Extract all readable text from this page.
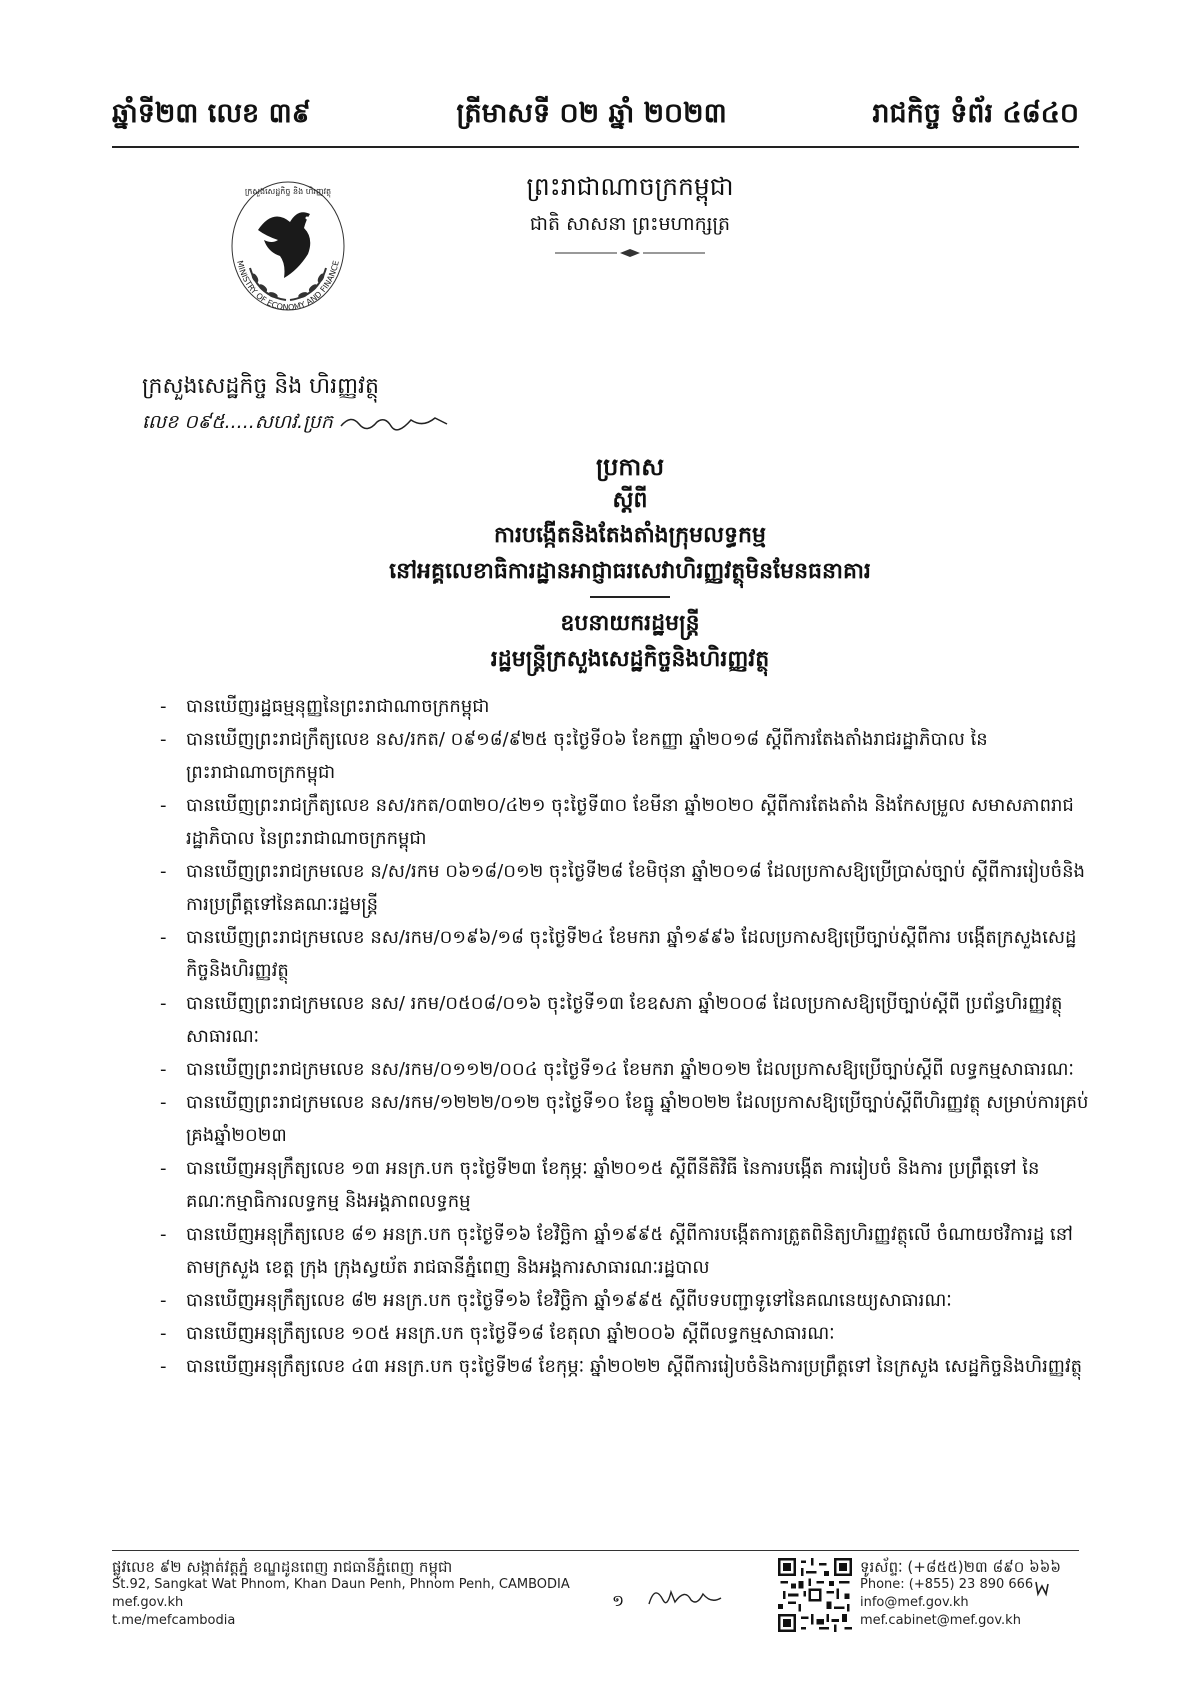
ឆ្នាំទី២៣ លេខ ៣៩	ត្រីមាសទី ០២ ឆ្នាំ ២០២៣	រាជកិច្ច ទំព័រ ៤៨៤០
ព្រះរាជាណាចក្រកម្ពុជា
ជាតិ សាសនា ព្រះមហាក្សត្រ
MINISTRY OF ECONOMY AND FINANCE
ក្រសួងសេដ្ឋកិច្ច និង ហិរញ្ញវត្ថុ
ក្រសួងសេដ្ឋកិច្ច និង ហិរញ្ញវត្ថុ
លេខ ០៩៥.....សហវ.ប្រក
ប្រកាស
ស្ដីពី
ការបង្កើតនិងតែងតាំងក្រុមលទ្ធកម្ម
នៅអគ្គលេខាធិការដ្ឋានអាជ្ញាធរសេវាហិរញ្ញវត្ថុមិនមែនធនាគារ
ឧបនាយករដ្ឋមន្ត្រី
រដ្ឋមន្ត្រីក្រសួងសេដ្ឋកិច្ចនិងហិរញ្ញវត្ថុ
- បានឃើញរដ្ឋធម្មនុញ្ញនៃព្រះរាជាណាចក្រកម្ពុជា
- បានឃើញព្រះរាជក្រឹត្យលេខ នស/រកត/ ០៩១៨/៩២៥ ចុះថ្ងៃទី០៦ ខែកញ្ញា ឆ្នាំ២០១៨ ស្តីពីការតែងតាំងរាជរដ្ឋាភិបាល នៃព្រះរាជាណាចក្រកម្ពុជា
- បានឃើញព្រះរាជក្រឹត្យលេខ នស/រកត/០៣២០/៤២១ ចុះថ្ងៃទី៣០ ខែមីនា ឆ្នាំ២០២០ ស្តីពីការតែងតាំង និងកែសម្រួល សមាសភាពរាជរដ្ឋាភិបាល នៃព្រះរាជាណាចក្រកម្ពុជា
- បានឃើញព្រះរាជក្រមលេខ ន/ស/រកម ០៦១៨/០១២ ចុះថ្ងៃទី២៨ ខែមិថុនា ឆ្នាំ២០១៨ ដែលប្រកាសឱ្យប្រើប្រាស់ច្បាប់ ស្តីពីការរៀបចំនិងការប្រព្រឹត្តទៅនៃគណៈរដ្ឋមន្ត្រី
- បានឃើញព្រះរាជក្រមលេខ នស/រកម/០១៩៦/១៨ ចុះថ្ងៃទី២៤ ខែមករា ឆ្នាំ១៩៩៦ ដែលប្រកាសឱ្យប្រើច្បាប់ស្តីពីការ បង្កើតក្រសួងសេដ្ឋកិច្ចនិងហិរញ្ញវត្ថុ
- បានឃើញព្រះរាជក្រមលេខ នស/ រកម/០៥០៨/០១៦ ចុះថ្ងៃទី១៣ ខែឧសភា ឆ្នាំ២០០៨ ដែលប្រកាសឱ្យប្រើច្បាប់ស្តីពី ប្រព័ន្ធហិរញ្ញវត្ថុសាធារណៈ
- បានឃើញព្រះរាជក្រមលេខ នស/រកម/០១១២/០០៤ ចុះថ្ងៃទី១៤ ខែមករា ឆ្នាំ២០១២ ដែលប្រកាសឱ្យប្រើច្បាប់ស្តីពី លទ្ធកម្មសាធារណៈ
- បានឃើញព្រះរាជក្រមលេខ នស/រកម/១២២២/០១២ ចុះថ្ងៃទី១០ ខែធ្នូ ឆ្នាំ២០២២ ដែលប្រកាសឱ្យប្រើច្បាប់ស្តីពីហិរញ្ញវត្ថុ សម្រាប់ការគ្រប់គ្រងឆ្នាំ២០២៣
- បានឃើញអនុក្រឹត្យលេខ ១៣ អនក្រ.បក ចុះថ្ងៃទី២៣ ខែកុម្ភៈ ឆ្នាំ២០១៥ ស្តីពីនីតិវិធី នៃការបង្កើត ការរៀបចំ និងការ ប្រព្រឹត្តទៅ នៃគណៈកម្មាធិការលទ្ធកម្ម និងអង្គភាពលទ្ធកម្ម
- បានឃើញអនុក្រឹត្យលេខ ៨១ អនក្រ.បក ចុះថ្ងៃទី១៦ ខែវិច្ឆិកា ឆ្នាំ១៩៩៥ ស្តីពីការបង្កើតការត្រួតពិនិត្យហិរញ្ញវត្ថុលើ ចំណាយថវិការដ្ឋ នៅតាមក្រសួង ខេត្ត ក្រុង ក្រុងស្វយ័ត រាជធានីភ្នំពេញ និងអង្គការសាធារណៈរដ្ឋបាល
- បានឃើញអនុក្រឹត្យលេខ ៨២ អនក្រ.បក ចុះថ្ងៃទី១៦ ខែវិច្ឆិកា ឆ្នាំ១៩៩៥ ស្តីពីបទបញ្ជាទូទៅនៃគណនេយ្យសាធារណៈ
- បានឃើញអនុក្រឹត្យលេខ ១០៥ អនក្រ.បក ចុះថ្ងៃទី១៨ ខែតុលា ឆ្នាំ២០០៦ ស្តីពីលទ្ធកម្មសាធារណៈ
- បានឃើញអនុក្រឹត្យលេខ ៤៣ អនក្រ.បក ចុះថ្ងៃទី២៨ ខែកុម្ភៈ ឆ្នាំ២០២២ ស្តីពីការរៀបចំនិងការប្រព្រឹត្តទៅ នៃក្រសួង សេដ្ឋកិច្ចនិងហិរញ្ញវត្ថុ
ផ្លូវលេខ ៩២ សង្កាត់វត្តភ្នំ ខណ្ឌដូនពេញ រាជធានីភ្នំពេញ កម្ពុជា
St.92, Sangkat Wat Phnom, Khan Daun Penh, Phnom Penh, CAMBODIA
mef.gov.kh
t.me/mefcambodia
១
ទូរស័ព្ទៈ (+៨៥៥)២៣ ៨៩០ ៦៦៦
Phone: (+855) 23 890 666
info@mef.gov.kh
mef.cabinet@mef.gov.kh
